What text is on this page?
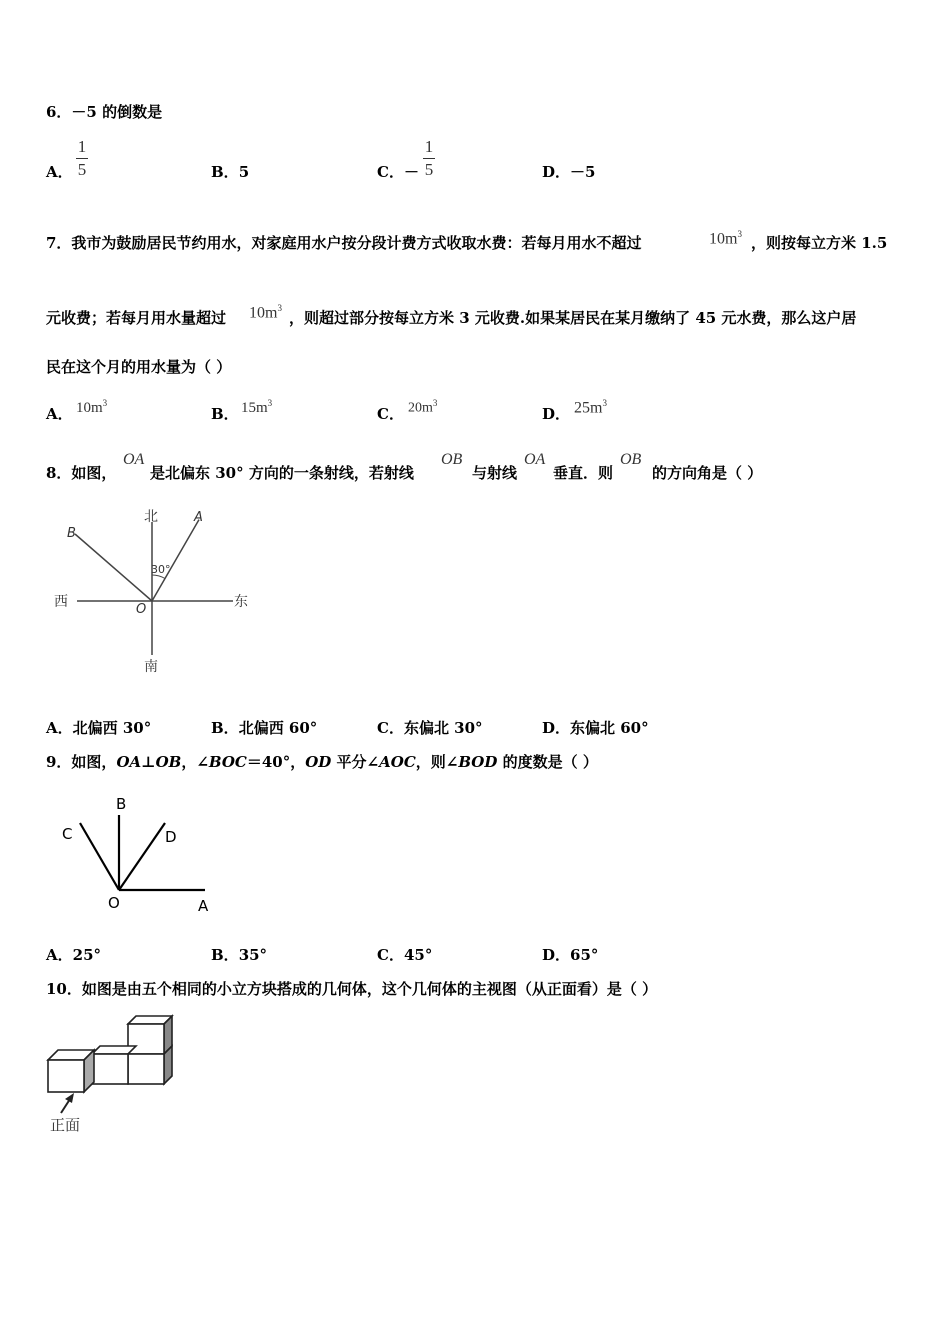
6．－5 的倒数是
A．
1
5	B．5	C．－
1
5	D．－5
7．我市为鼓励居民节约用水，对家庭用水户按分段计费方式收取水费：若每月用水不超过	$10m^3$ ，则按每立方米 1.5
元收费；若每月用水量超过 $10m^3$
，则超过部分按每立方米 3 元收费.如果某居民在某月缴纳了 45 元水费，那么这户居
民在这个月的用水量为（ ）
A． $10m^3$
B． $15m^3$
C． $20m^3$
D． $25m^3$
8．如图，
OA
是北偏东 30° 方向的一条射线，若射线
OB
与射线
OA
垂直．则
OB
的方向角是（ ）
北
南
西	东
A
B
O
30°
A．北偏西 30°	B．北偏西 60°	C．东偏北 30°	D．东偏北 60°
9．如图，OA⊥OB，∠BOC＝40°，OD 平分∠AOC，则∠BOD 的度数是（ ）
B
C	D
O	A
A．25°	B．35°	C．45°	D．65°
10．如图是由五个相同的小立方块搭成的几何体，这个几何体的主视图（从正面看）是（ ）
正面
